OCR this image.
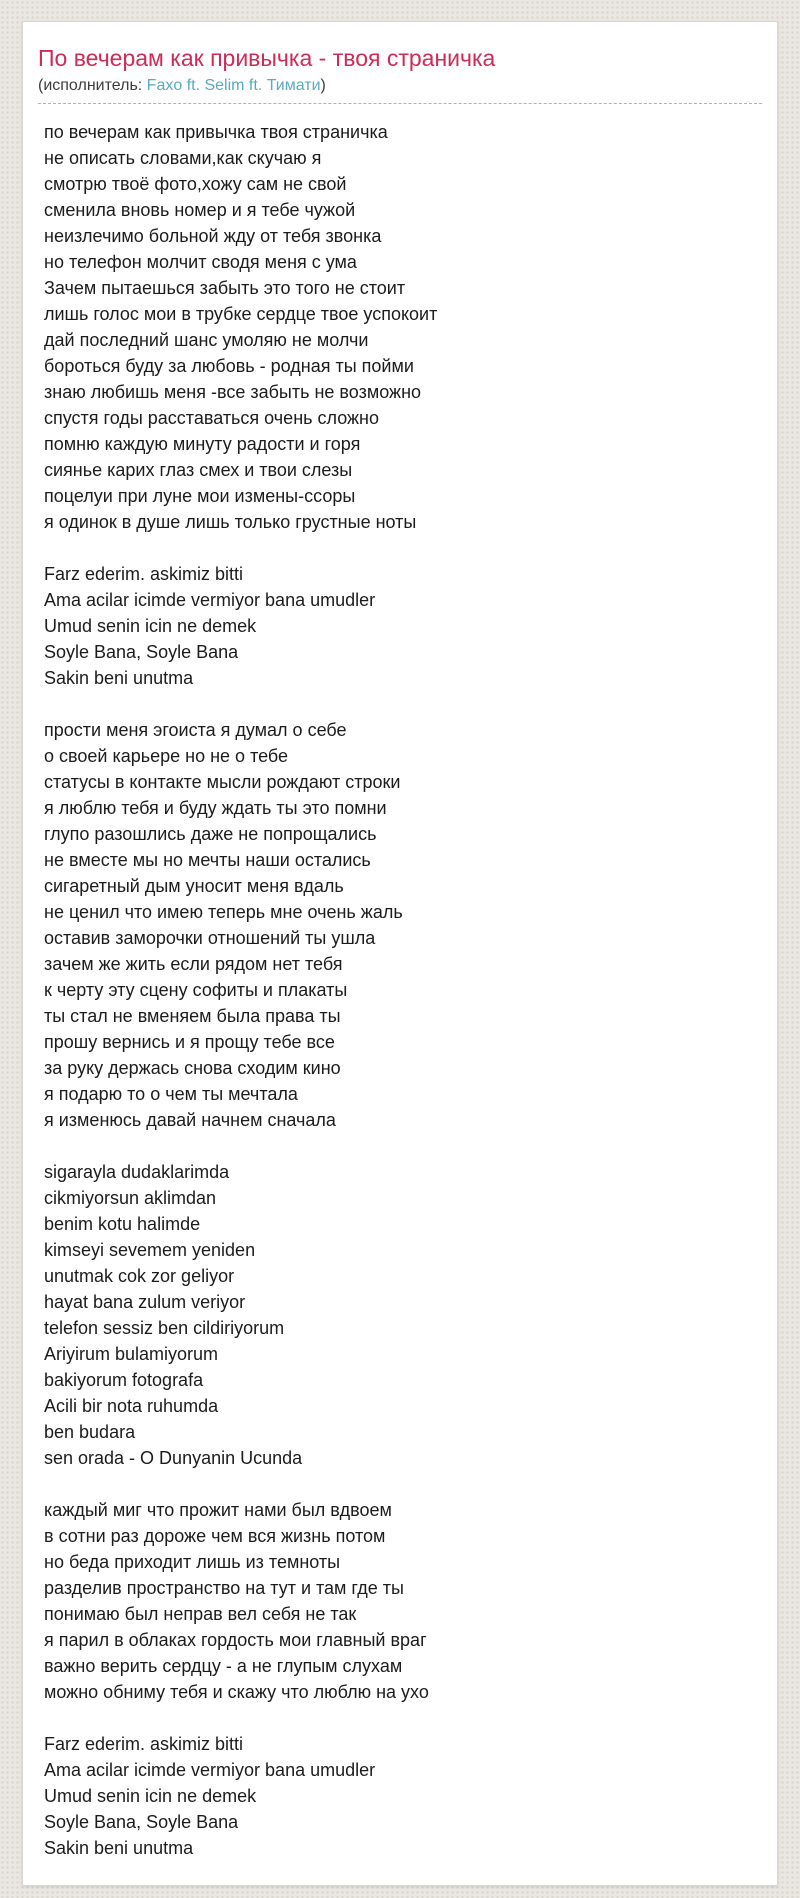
По вечерам как привычка - твоя страничка
(исполнитель: Faxo ft. Selim ft. Тимати)
по вечерам как привычка твоя страничка
не описать словами,как скучаю я
смотрю твоё фото,хожу сам не свой
сменила вновь номер и я тебе чужой
неизлечимо больной жду от тебя звонка
но телефон молчит сводя меня с ума
Зачем пытаешься забыть это того не стоит
лишь голос мои в трубке сердце твое успокоит
дай последний шанс умоляю не молчи
бороться буду за любовь - родная ты пойми
знаю любишь меня -все забыть не возможно
спустя годы расставаться очень сложно
помню каждую минуту радости и горя
сиянье карих глаз смех и твои слезы
поцелуи при луне мои измены-ссоры
я одинок в душе лишь только грустные ноты
Farz ederim. askimiz bitti
Ama acilar icimde vermiyor bana umudler
Umud senin icin ne demek
Soyle Bana, Soyle Bana
Sakin beni unutma
прости меня эгоиста я думал о себе
о своей карьере но не о тебе
статусы в контакте мысли рождают строки
я люблю тебя и буду ждать ты это помни
глупо разошлись даже не попрощались
не вместе мы но мечты наши остались
сигаретный дым уносит меня вдаль
не ценил что имею теперь мне очень жаль
оставив заморочки отношений ты ушла
зачем же жить если рядом нет тебя
к черту эту сцену софиты и плакаты
ты стал не вменяем была права ты
прошу вернись и я прощу тебе все
за руку держась снова сходим кино
я подарю то о чем ты мечтала
я изменюсь давай начнем сначала
sigarayla dudaklarimda
cikmiyorsun aklimdan
benim kotu halimde
kimseyi sevemem yeniden
unutmak cok zor geliyor
hayat bana zulum veriyor
telefon sessiz ben cildiriyorum
Ariyirum bulamiyorum
bakiyorum fotografa
Acili bir nota ruhumda
ben budara
sen orada - O Dunyanin Ucunda
каждый миг что прожит нами был вдвоем
в сотни раз дороже чем вся жизнь потом
но беда приходит лишь из темноты
разделив пространство на тут и там где ты
понимаю был неправ вел себя не так
я парил в облаках гордость мои главный враг
важно верить сердцу - а не глупым слухам
можно обниму тебя и скажу что люблю на ухо
Farz ederim. askimiz bitti
Ama acilar icimde vermiyor bana umudler
Umud senin icin ne demek
Soyle Bana, Soyle Bana
Sakin beni unutma
